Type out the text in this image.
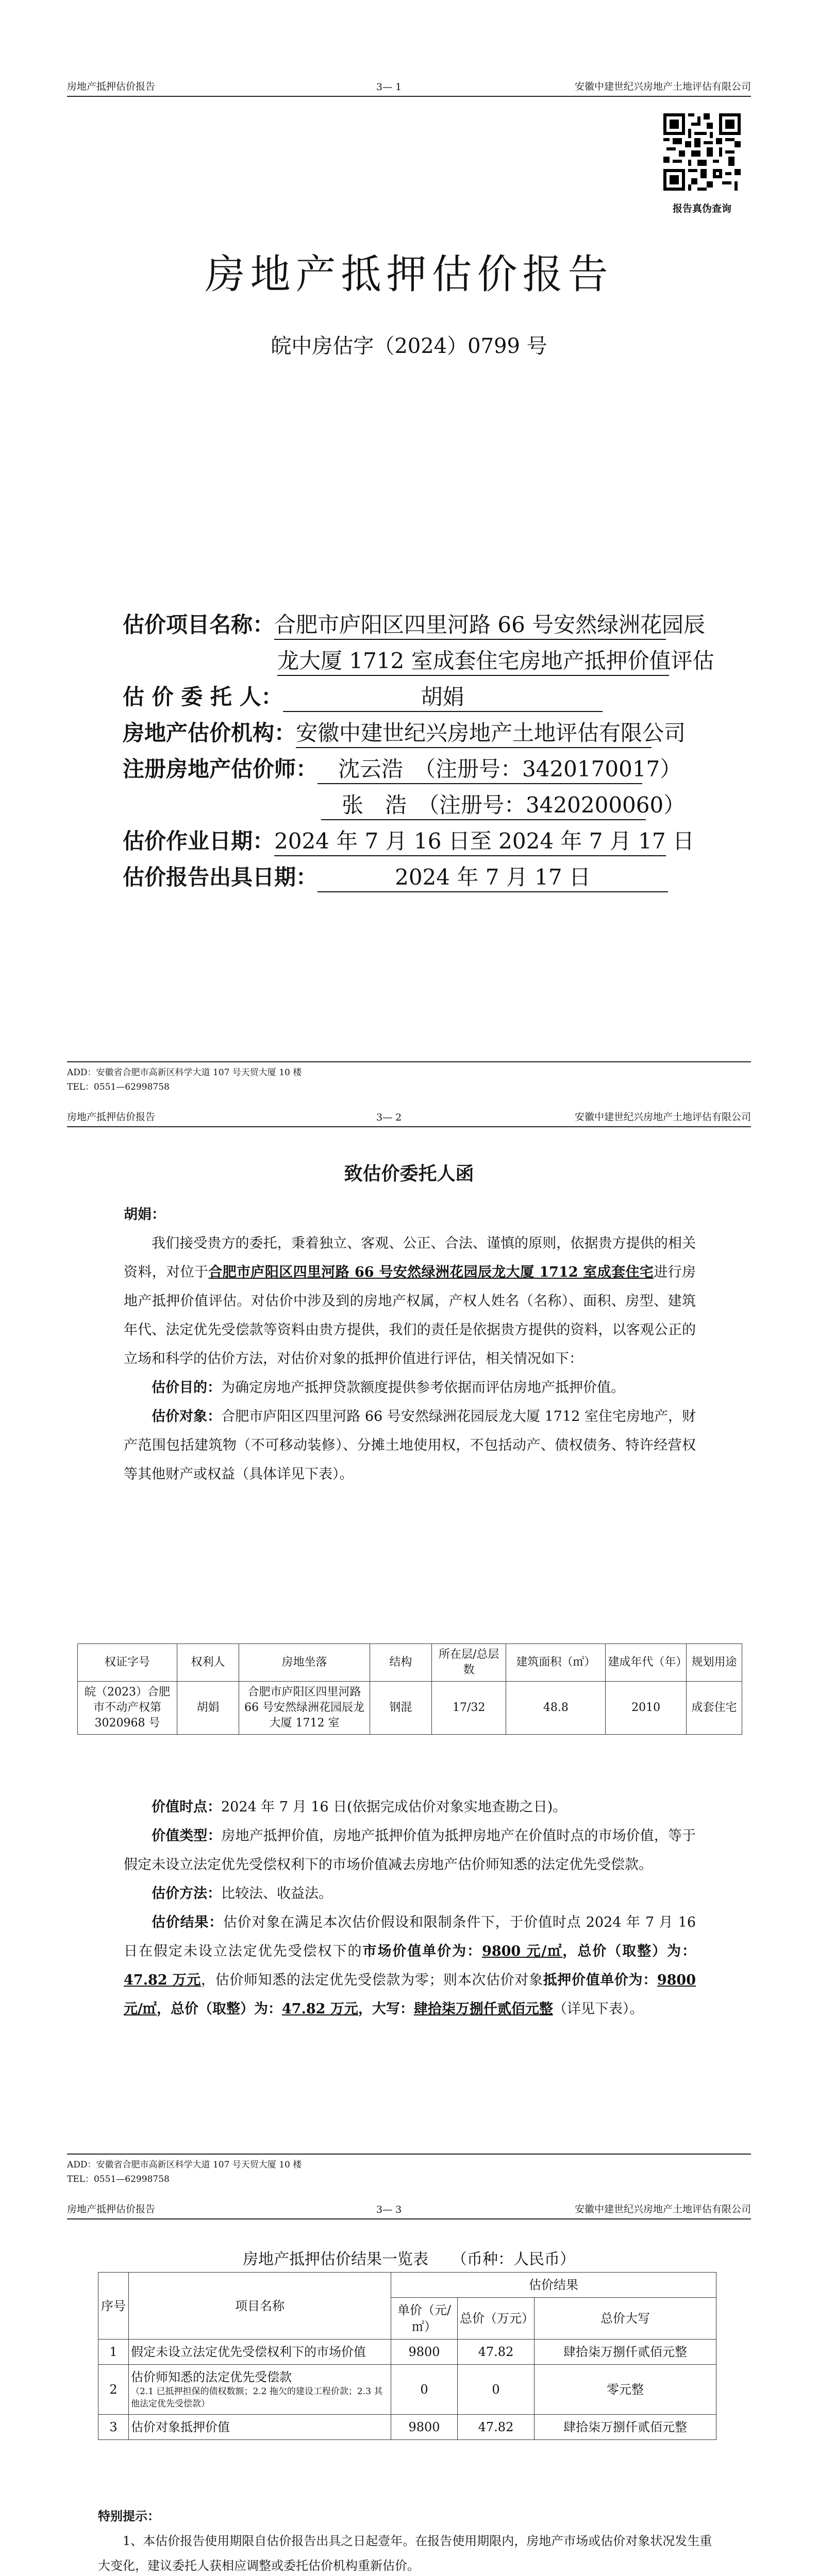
房地产抵押估价报告	3— 1	安徽中建世纪兴房地产土地评估有限公司
报告真伪查询
房地产抵押估价报告
皖中房估字（2024）0799 号
估价项目名称：合肥市庐阳区四里河路 66 号安然绿洲花园辰
龙大厦 1712 室成套住宅房地产抵押价值评估
估 价 委 托 人：	胡娟
房地产估价机构：安徽中建世纪兴房地产土地评估有限公司
注册房地产估价师： 沈云浩　（注册号：3420170017）
张　浩　（注册号：3420200060）
估价作业日期：2024 年 7 月 16 日至 2024 年 7 月 17 日
估价报告出具日期：	2024 年 7 月 17 日
ADD：安徽省合肥市高新区科学大道 107 号天贸大厦 10 楼
TEL：0551—62998758
房地产抵押估价报告	3— 2	安徽中建世纪兴房地产土地评估有限公司
致估价委托人函

胡娟：

我们接受贵方的委托，秉着独立、客观、公正、合法、谨慎的原则，依据贵方提供的相关资料，对位于合肥市庐阳区四里河路 66 号安然绿洲花园辰龙大厦 1712 室成套住宅进行房地产抵押价值评估。对估价中涉及到的房地产权属，产权人姓名（名称）、面积、房型、建筑年代、法定优先受偿款等资料由贵方提供，我们的责任是依据贵方提供的资料，以客观公正的立场和科学的估价方法，对估价对象的抵押价值进行评估，相关情况如下：

估价目的：为确定房地产抵押贷款额度提供参考依据而评估房地产抵押价值。

估价对象：合肥市庐阳区四里河路 66 号安然绿洲花园辰龙大厦 1712 室住宅房地产，财产范围包括建筑物（不可移动装修）、分摊土地使用权，不包括动产、债权债务、特许经营权等其他财产或权益（具体详见下表）。

权证字号	权利人	房地坐落	结构	所在层/总层数	建筑面积（㎡）	建成年代（年）	规划用途
皖（2023）合肥市不动产权第 3020968 号	胡娟	合肥市庐阳区四里河路 66 号安然绿洲花园辰龙大厦 1712 室	钢混	17/32	48.8	2010	成套住宅

价值时点：2024 年 7 月 16 日(依据完成估价对象实地查勘之日)。

价值类型：房地产抵押价值，房地产抵押价值为抵押房地产在价值时点的市场价值，等于假定未设立法定优先受偿权利下的市场价值减去房地产估价师知悉的法定优先受偿款。

估价方法：比较法、收益法。

估价结果：估价对象在满足本次估价假设和限制条件下，于价值时点 2024 年 7 月 16 日在假定未设立法定优先受偿权下的市场价值单价为：9800 元/㎡，总价（取整）为：47.82 万元，估价师知悉的法定优先受偿款为零；则本次估价对象抵押价值单价为：9800 元/㎡，总价（取整）为：47.82 万元，大写：肆拾柒万捌仟贰佰元整（详见下表）。

ADD：安徽省合肥市高新区科学大道 107 号天贸大厦 10 楼
TEL：0551—62998758
房地产抵押估价报告	3— 3	安徽中建世纪兴房地产土地评估有限公司
房地产抵押估价结果一览表　　 （币种：人民币）
序号	项目名称	估价结果		
		单价（元/㎡）	总价（万元）	总价大写
1	假定未设立法定优先受偿权利下的市场价值	9800	47.82	肆拾柒万捌仟贰佰元整
2	估价师知悉的法定优先受偿款
（2.1 已抵押担保的债权数额；2.2 拖欠的建设工程价款；2.3 其他法定优先受偿款）	0	0	零元整
3	估价对象抵押价值	9800	47.82	肆拾柒万捌仟贰佰元整
特别提示：

1、本估价报告使用期限自估价报告出具之日起壹年。在报告使用期限内，房地产市场或估价对象状况发生重大变化，建议委托人获相应调整或委托估价机构重新估价。
